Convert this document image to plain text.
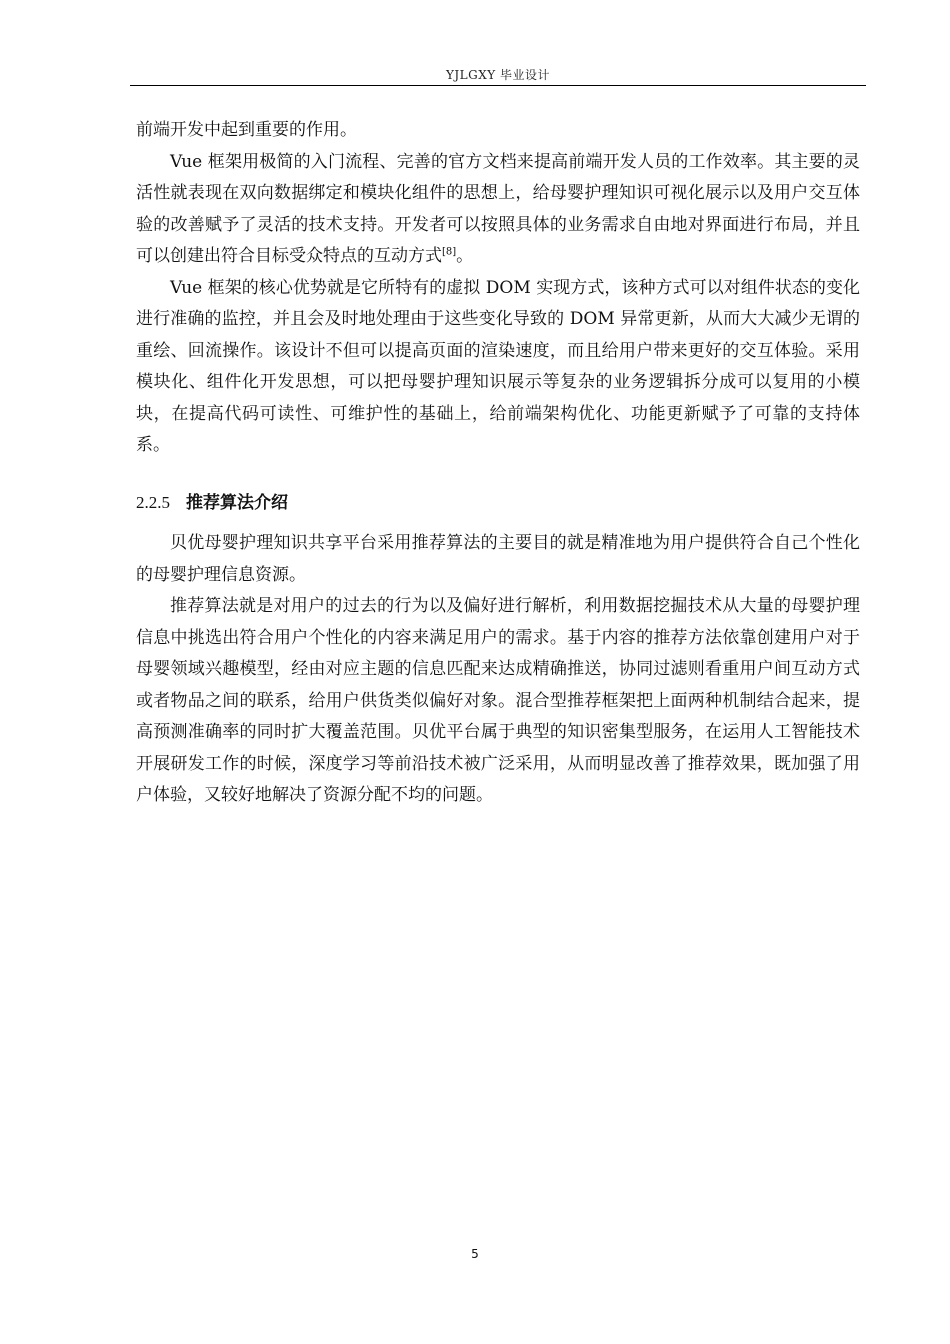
YJLGXY 毕业设计

前端开发中起到重要的作用。

Vue 框架用极简的入门流程、完善的官方文档来提高前端开发人员的工作效率。其主要的灵活性就表现在双向数据绑定和模块化组件的思想上，给母婴护理知识可视化展示以及用户交互体验的改善赋予了灵活的技术支持。开发者可以按照具体的业务需求自由地对界面进行布局，并且可以创建出符合目标受众特点的互动方式[8]。

Vue 框架的核心优势就是它所特有的虚拟 DOM 实现方式，该种方式可以对组件状态的变化进行准确的监控，并且会及时地处理由于这些变化导致的 DOM 异常更新，从而大大减少无谓的重绘、回流操作。该设计不但可以提高页面的渲染速度，而且给用户带来更好的交互体验。采用模块化、组件化开发思想，可以把母婴护理知识展示等复杂的业务逻辑拆分成可以复用的小模块，在提高代码可读性、可维护性的基础上，给前端架构优化、功能更新赋予了可靠的支持体系。

2.2.5 推荐算法介绍

贝优母婴护理知识共享平台采用推荐算法的主要目的就是精准地为用户提供符合自己个性化的母婴护理信息资源。

推荐算法就是对用户的过去的行为以及偏好进行解析，利用数据挖掘技术从大量的母婴护理信息中挑选出符合用户个性化的内容来满足用户的需求。基于内容的推荐方法依靠创建用户对于母婴领域兴趣模型，经由对应主题的信息匹配来达成精确推送，协同过滤则看重用户间互动方式或者物品之间的联系，给用户供货类似偏好对象。混合型推荐框架把上面两种机制结合起来，提高预测准确率的同时扩大覆盖范围。贝优平台属于典型的知识密集型服务，在运用人工智能技术开展研发工作的时候，深度学习等前沿技术被广泛采用，从而明显改善了推荐效果，既加强了用户体验，又较好地解决了资源分配不均的问题。

5
